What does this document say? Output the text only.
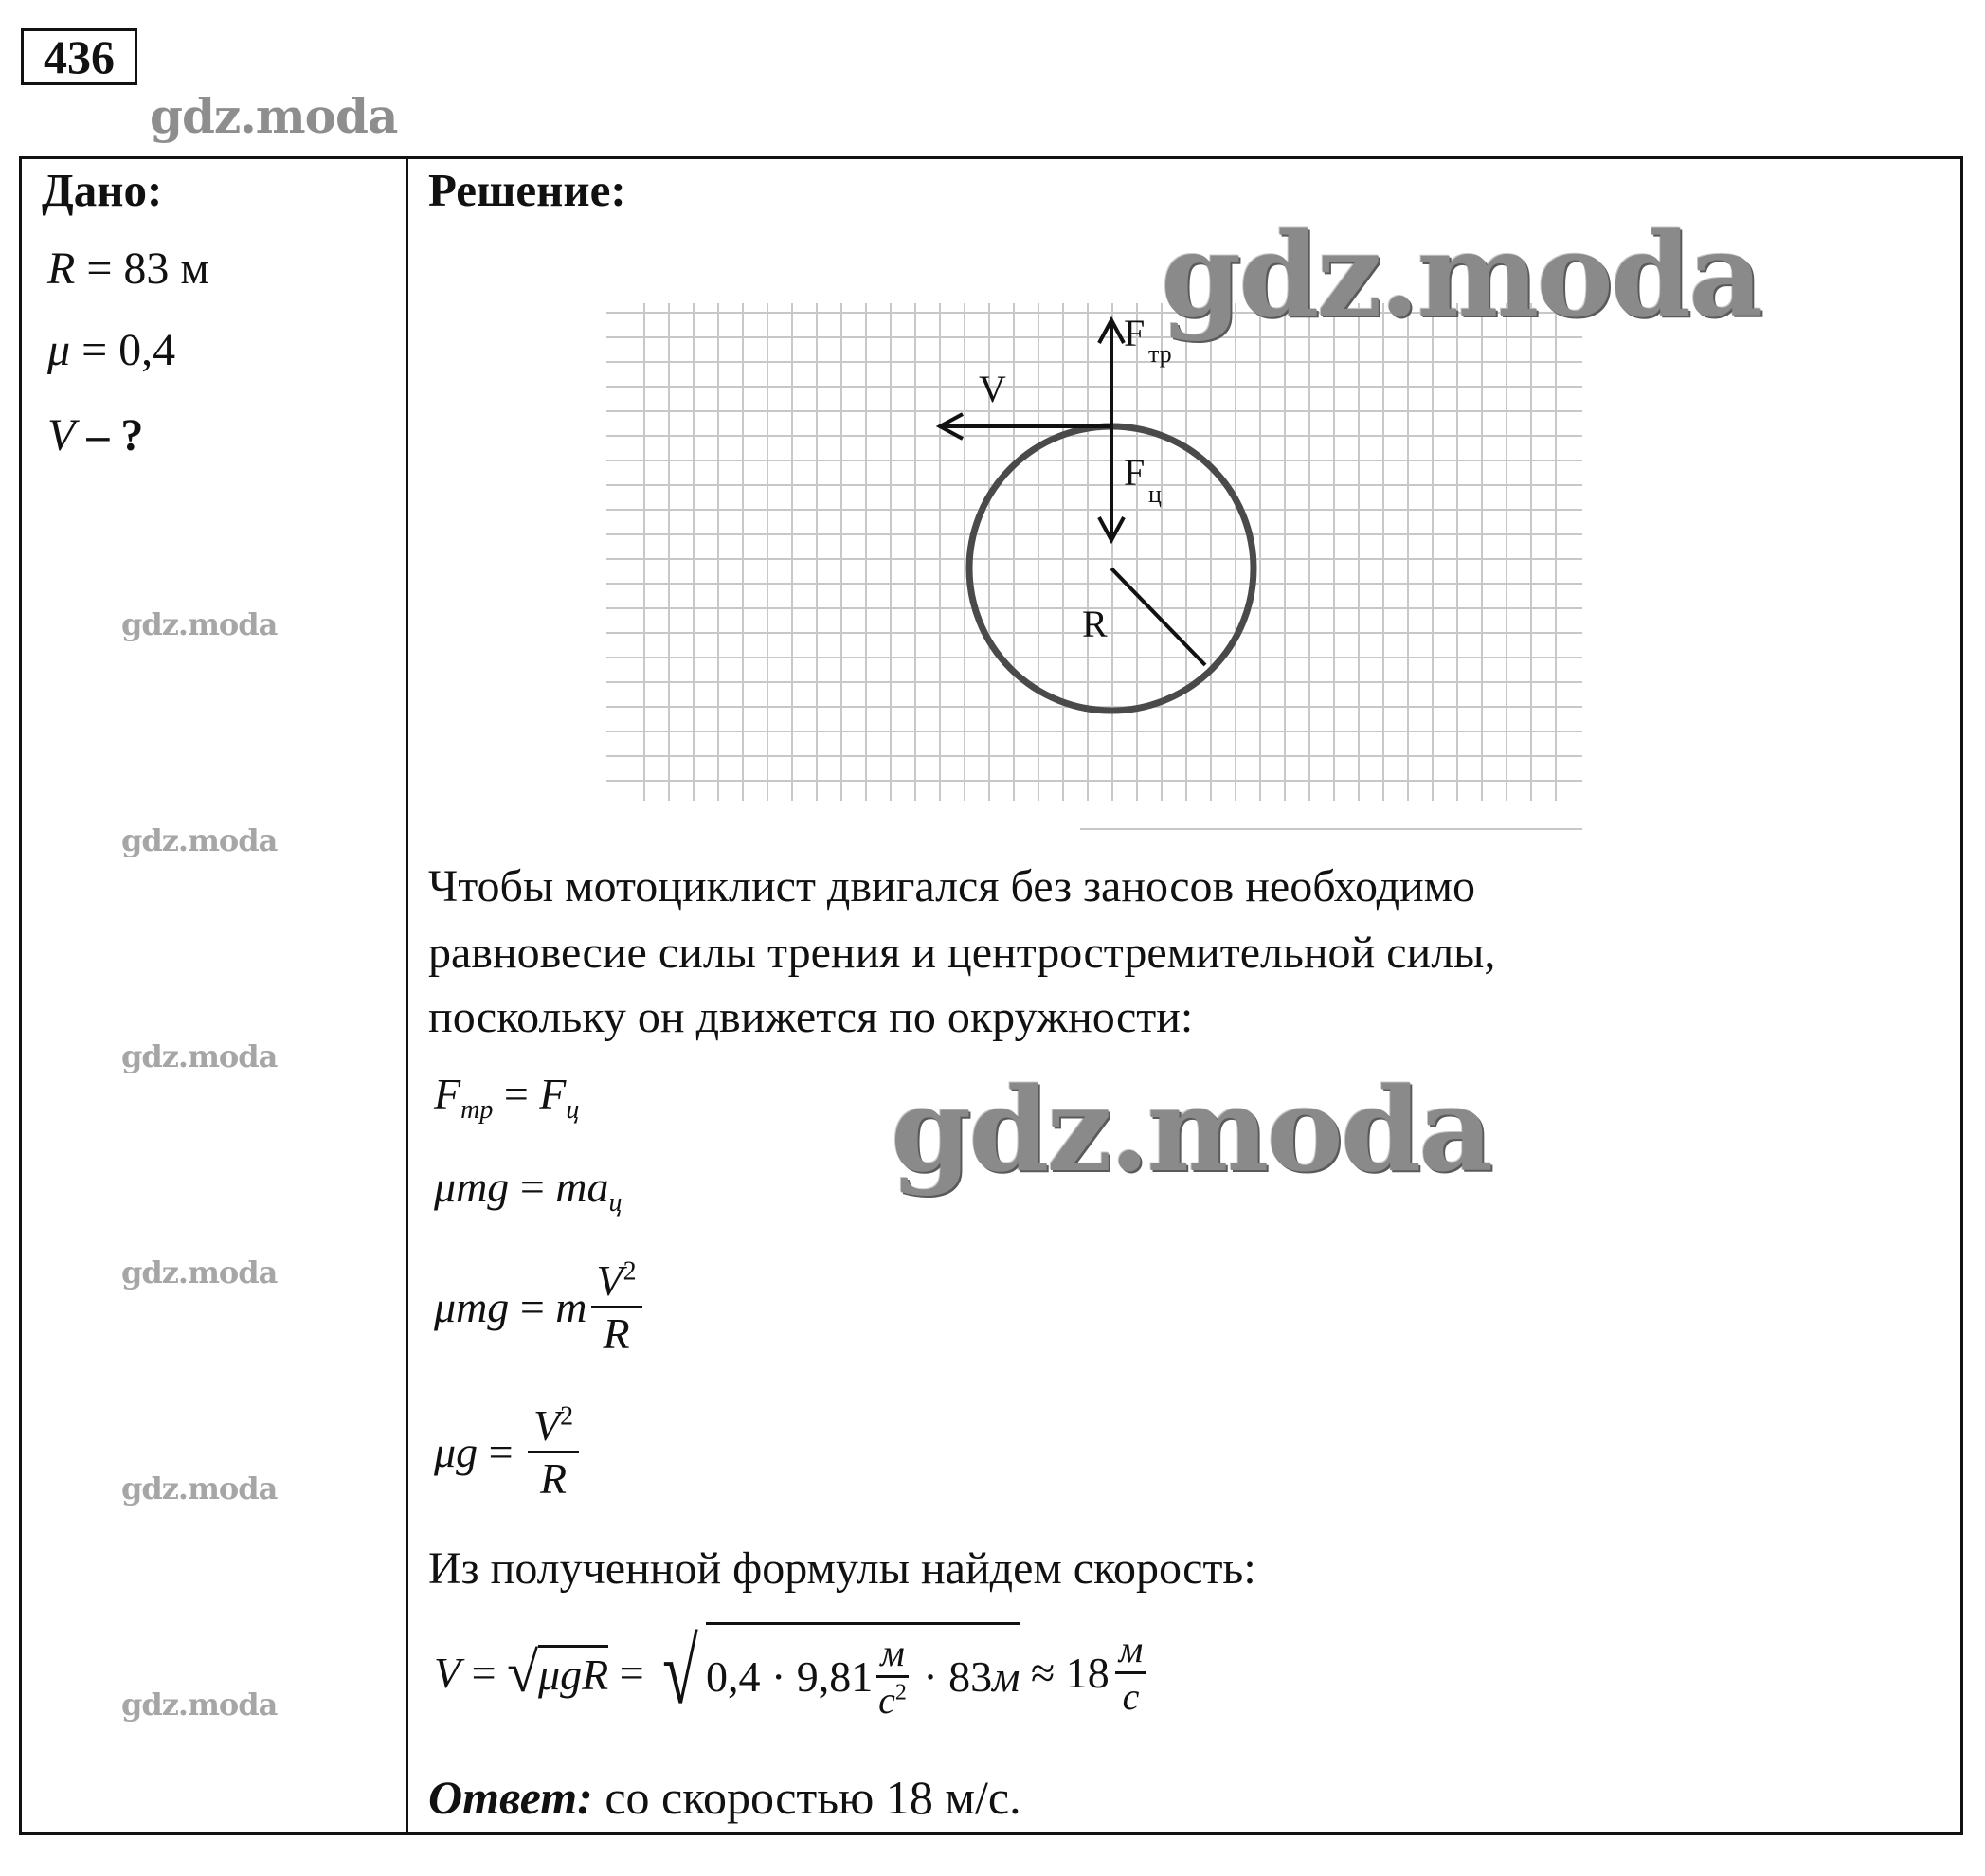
436
gdz.moda
gdz.moda
gdz.moda
gdz.moda
gdz.moda
gdz.moda
gdz.moda
Дано:
R = 83 м
μ = 0,4
V – ?
Решение:
F тр
V
F
ц
R
gdz.moda
Чтобы мотоциклист двигался без заносов необходимо
равновесие силы трения и центростремительной силы,
поскольку он движется по окружности:
gdz.moda
$F_{тр} = F_ц$
$\mu mg = ma_ц$
μmg = m
$V^2$
R
$\mu g = \frac{V^2}{R}$
Из полученной формулы найдем скорость:
V = √ μgR = √ 0,4 · 9,81 м
$c^2 \cdot 83$ м ≈ 18 м
c
Ответ: со скоростью 18 м/с.
